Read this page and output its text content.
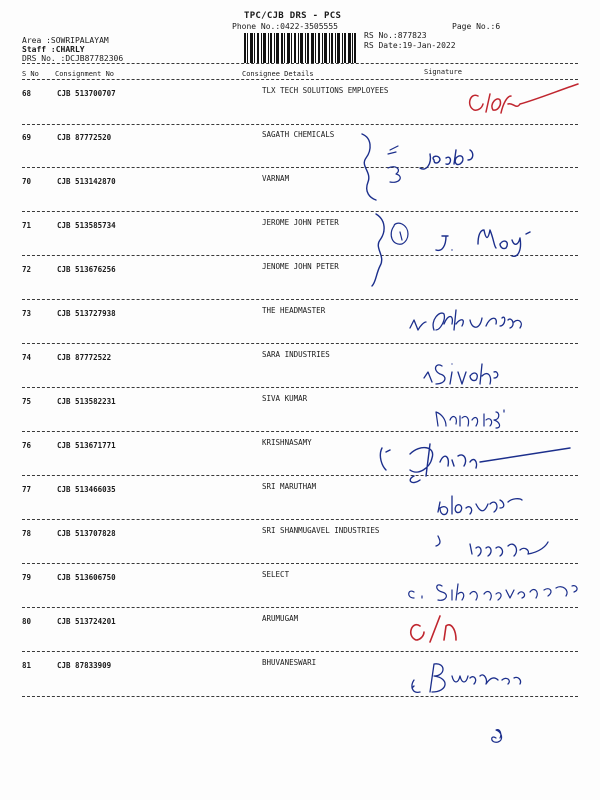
TPC/CJB DRS - PCS
Phone No.:0422-3505555	Page No.:6
Area :SOWRIPALAYAM
Staff :CHARLY
DRS No. :DCJB87782306
RS No.:877823
RS Date:19-Jan-2022
S No Consignment No	Consignee Details	Signature
68	CJB 513700707	TLX TECH SOLUTIONS EMPLOYEES
69	CJB 87772520	SAGATH CHEMICALS
70	CJB 513142870	VARNAM
71	CJB 513585734	JEROME JOHN PETER
72	CJB 513676256	JENOME JOHN PETER
73	CJB 513727938	THE HEADMASTER
74	CJB 87772522	SARA INDUSTRIES
75	CJB 513582231	SIVA KUMAR
76	CJB 513671771	KRISHNASAMY
77	CJB 513466035	SRI MARUTHAM
78	CJB 513707828	SRI SHANMUGAVEL INDUSTRIES
79	CJB 513606750	SELECT
80	CJB 513724201	ARUMUGAM
81	CJB 87833909	BHUVANESWARI
